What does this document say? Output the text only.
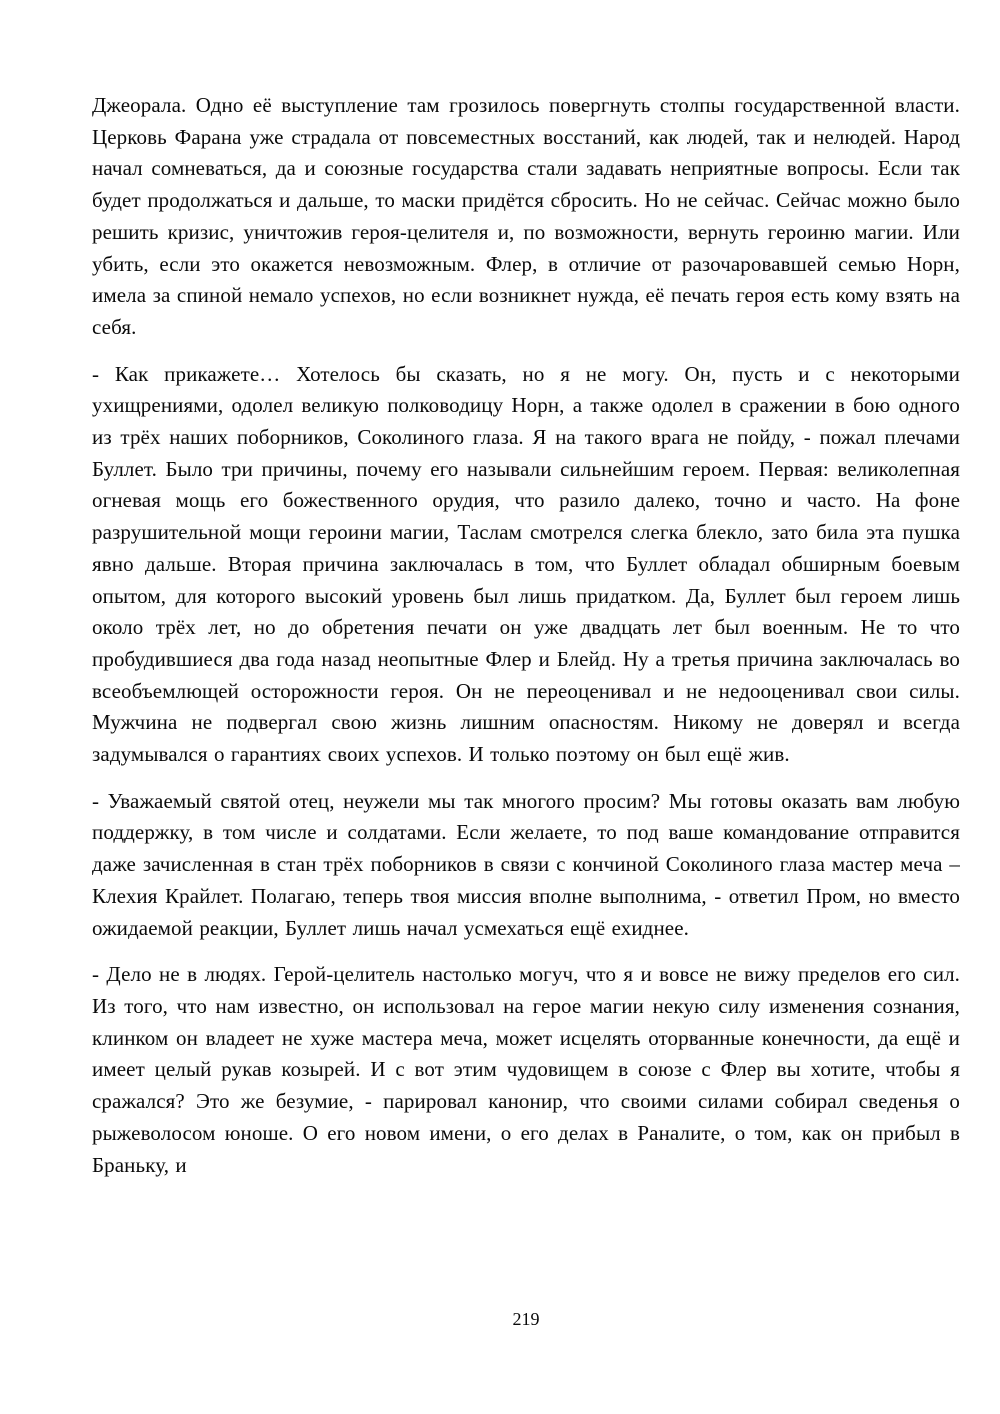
Джеорала. Одно её выступление там грозилось повергнуть столпы государственной власти. Церковь Фарана уже страдала от повсеместных восстаний, как людей, так и нелюдей. Народ начал сомневаться, да и союзные государства стали задавать неприятные вопросы. Если так будет продолжаться и дальше, то маски придётся сбросить. Но не сейчас. Сейчас можно было решить кризис, уничтожив героя-целителя и, по возможности, вернуть героиню магии. Или убить, если это окажется невозможным. Флер, в отличие от разочаровавшей семью Норн, имела за спиной немало успехов, но если возникнет нужда, её печать героя есть кому взять на себя.

- Как прикажете… Хотелось бы сказать, но я не могу. Он, пусть и с некоторыми ухищрениями, одолел великую полководицу Норн, а также одолел в сражении в бою одного из трёх наших поборников, Соколиного глаза. Я на такого врага не пойду, - пожал плечами Буллет. Было три причины, почему его называли сильнейшим героем. Первая: великолепная огневая мощь его божественного орудия, что разило далеко, точно и часто. На фоне разрушительной мощи героини магии, Таслам смотрелся слегка блекло, зато била эта пушка явно дальше. Вторая причина заключалась в том, что Буллет обладал обширным боевым опытом, для которого высокий уровень был лишь придатком. Да, Буллет был героем лишь около трёх лет, но до обретения печати он уже двадцать лет был военным. Не то что пробудившиеся два года назад неопытные Флер и Блейд. Ну а третья причина заключалась во всеобъемлющей осторожности героя. Он не переоценивал и не недооценивал свои силы. Мужчина не подвергал свою жизнь лишним опасностям. Никому не доверял и всегда задумывался о гарантиях своих успехов. И только поэтому он был ещё жив.

- Уважаемый святой отец, неужели мы так многого просим? Мы готовы оказать вам любую поддержку, в том числе и солдатами. Если желаете, то под ваше командование отправится даже зачисленная в стан трёх поборников в связи с кончиной Соколиного глаза мастер меча – Клехия Крайлет. Полагаю, теперь твоя миссия вполне выполнима, - ответил Пром, но вместо ожидаемой реакции, Буллет лишь начал усмехаться ещё ехиднее.

- Дело не в людях. Герой-целитель настолько могуч, что я и вовсе не вижу пределов его сил. Из того, что нам известно, он использовал на герое магии некую силу изменения сознания, клинком он владеет не хуже мастера меча, может исцелять оторванные конечности, да ещё и имеет целый рукав козырей. И с вот этим чудовищем в союзе с Флер вы хотите, чтобы я сражался? Это же безумие, - парировал канонир, что своими силами собирал сведенья о рыжеволосом юноше. О его новом имени, о его делах в Раналите, о том, как он прибыл в Браньку, и

219
